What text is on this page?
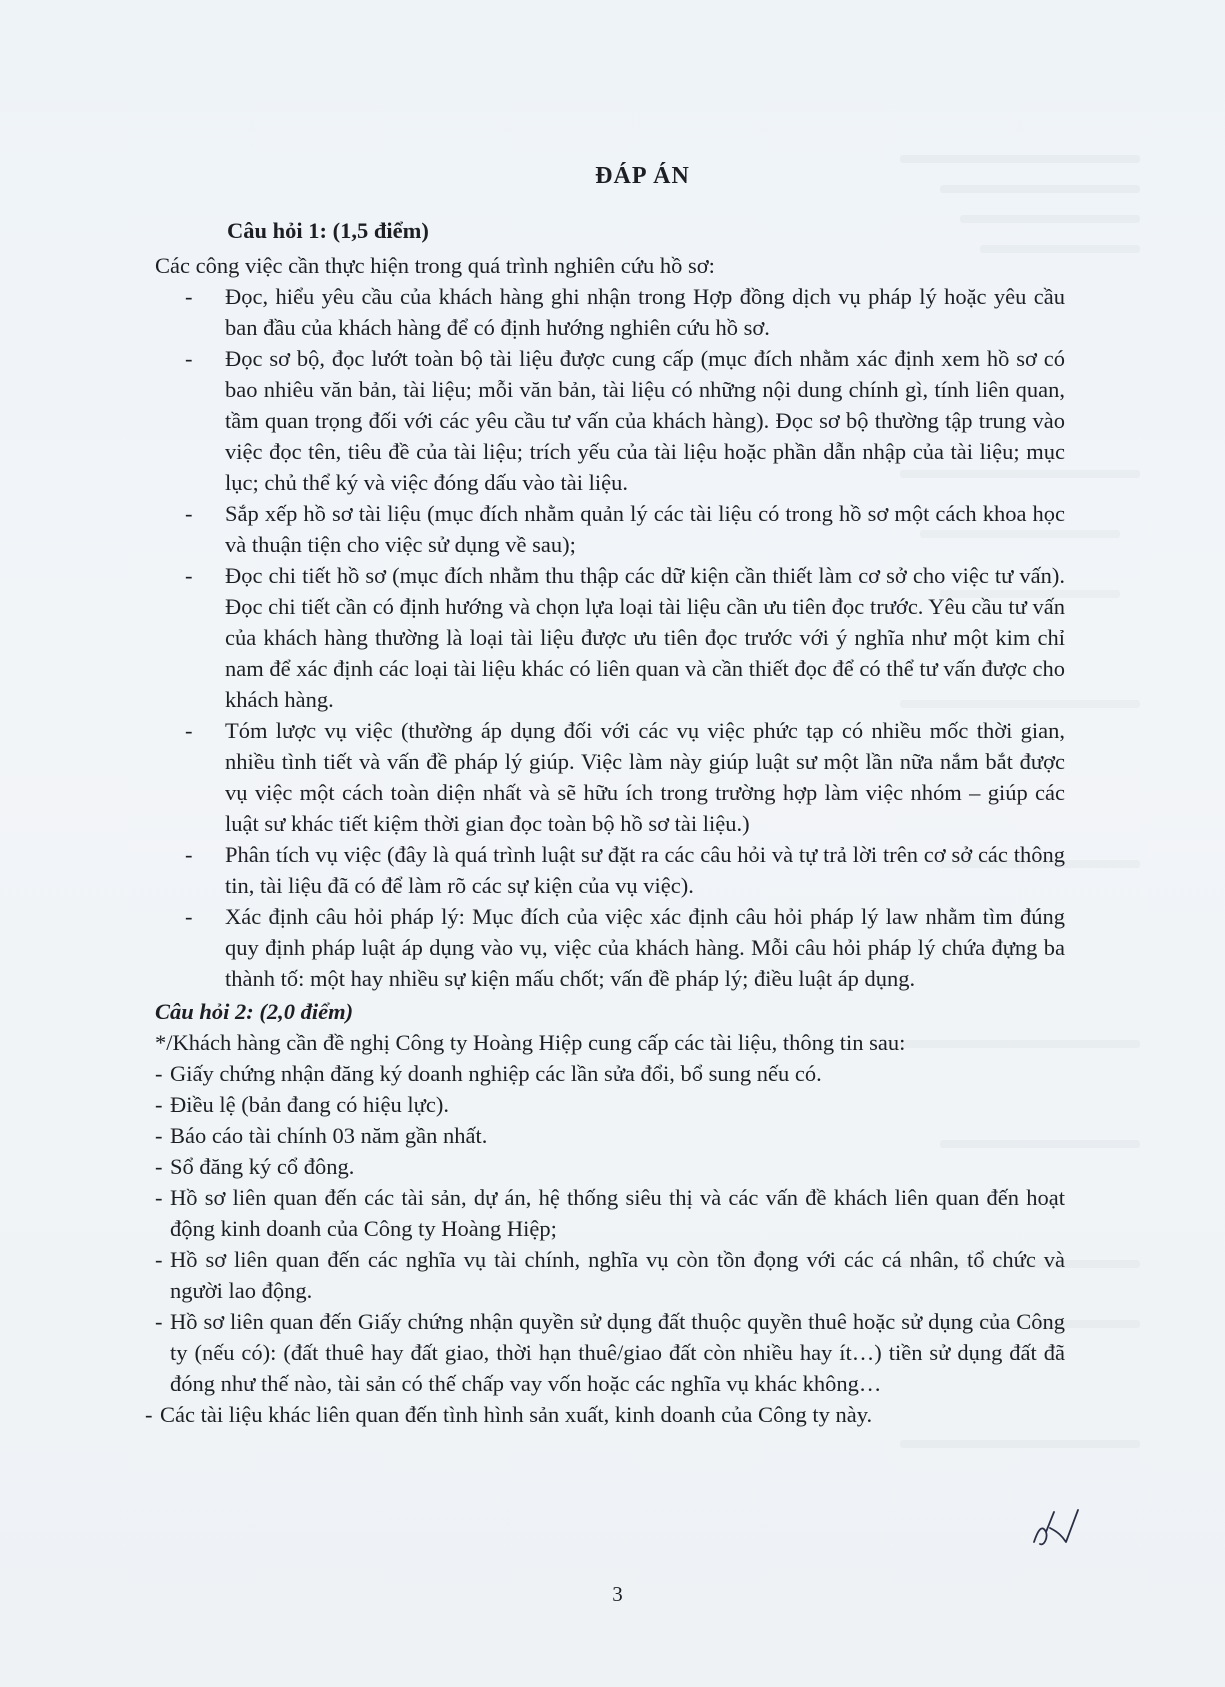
ĐÁP ÁN
Câu hỏi 1: (1,5 điểm)
Các công việc cần thực hiện trong quá trình nghiên cứu hồ sơ:
- Đọc, hiểu yêu cầu của khách hàng ghi nhận trong Hợp đồng dịch vụ pháp lý hoặc yêu cầu ban đầu của khách hàng để có định hướng nghiên cứu hồ sơ.
- Đọc sơ bộ, đọc lướt toàn bộ tài liệu được cung cấp (mục đích nhằm xác định xem hồ sơ có bao nhiêu văn bản, tài liệu; mỗi văn bản, tài liệu có những nội dung chính gì, tính liên quan, tầm quan trọng đối với các yêu cầu tư vấn của khách hàng). Đọc sơ bộ thường tập trung vào việc đọc tên, tiêu đề của tài liệu; trích yếu của tài liệu hoặc phần dẫn nhập của tài liệu; mục lục; chủ thể ký và việc đóng dấu vào tài liệu.
- Sắp xếp hồ sơ tài liệu (mục đích nhằm quản lý các tài liệu có trong hồ sơ một cách khoa học và thuận tiện cho việc sử dụng về sau);
- Đọc chi tiết hồ sơ (mục đích nhằm thu thập các dữ kiện cần thiết làm cơ sở cho việc tư vấn). Đọc chi tiết cần có định hướng và chọn lựa loại tài liệu cần ưu tiên đọc trước. Yêu cầu tư vấn của khách hàng thường là loại tài liệu được ưu tiên đọc trước với ý nghĩa như một kim chỉ nam để xác định các loại tài liệu khác có liên quan và cần thiết đọc để có thể tư vấn được cho khách hàng.
- Tóm lược vụ việc (thường áp dụng đối với các vụ việc phức tạp có nhiều mốc thời gian, nhiều tình tiết và vấn đề pháp lý giúp. Việc làm này giúp luật sư một lần nữa nắm bắt được vụ việc một cách toàn diện nhất và sẽ hữu ích trong trường hợp làm việc nhóm – giúp các luật sư khác tiết kiệm thời gian đọc toàn bộ hồ sơ tài liệu.)
- Phân tích vụ việc (đây là quá trình luật sư đặt ra các câu hỏi và tự trả lời trên cơ sở các thông tin, tài liệu đã có để làm rõ các sự kiện của vụ việc).
- Xác định câu hỏi pháp lý: Mục đích của việc xác định câu hỏi pháp lý law nhằm tìm đúng quy định pháp luật áp dụng vào vụ, việc của khách hàng. Mỗi câu hỏi pháp lý chứa đựng ba thành tố: một hay nhiều sự kiện mấu chốt; vấn đề pháp lý; điều luật áp dụng.
Câu hỏi 2: (2,0 điểm)
*/Khách hàng cần đề nghị Công ty Hoàng Hiệp cung cấp các tài liệu, thông tin sau:
- Giấy chứng nhận đăng ký doanh nghiệp các lần sửa đổi, bổ sung nếu có.
- Điều lệ (bản đang có hiệu lực).
- Báo cáo tài chính 03 năm gần nhất.
- Sổ đăng ký cổ đông.
- Hồ sơ liên quan đến các tài sản, dự án, hệ thống siêu thị và các vấn đề khách liên quan đến hoạt động kinh doanh của Công ty Hoàng Hiệp;
- Hồ sơ liên quan đến các nghĩa vụ tài chính, nghĩa vụ còn tồn đọng với các cá nhân, tổ chức và người lao động.
- Hồ sơ liên quan đến Giấy chứng nhận quyền sử dụng đất thuộc quyền thuê hoặc sử dụng của Công ty (nếu có): (đất thuê hay đất giao, thời hạn thuê/giao đất còn nhiều hay ít…) tiền sử dụng đất đã đóng như thế nào, tài sản có thế chấp vay vốn hoặc các nghĩa vụ khác không…
- Các tài liệu khác liên quan đến tình hình sản xuất, kinh doanh của Công ty này.
3
